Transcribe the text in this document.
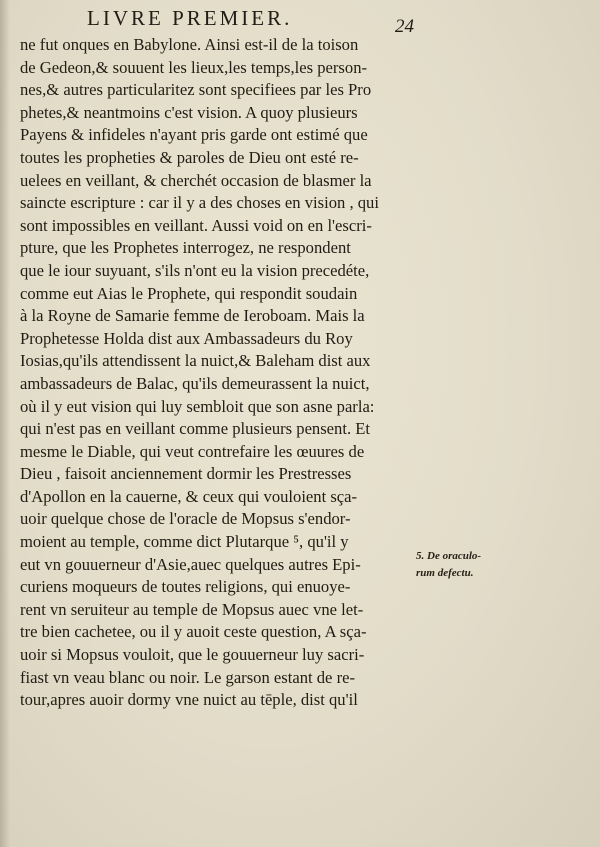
LIVRE PREMIER.	24
ne fut onques en Babylone. Ainsi est-il de la toison
de Gedeon,& souuent les lieux,les temps,les person-
nes,& autres particularitez sont specifiees par les Pro
phetes,& neantmoins c'est vision. A quoy plusieurs
Payens & infideles n'ayant pris garde ont estimé que
toutes les propheties & paroles de Dieu ont esté re-
uelees en veillant, & cherchét occasion de blasmer la
saincte escripture : car il y a des choses en vision , qui
sont impossibles en veillant. Aussi void on en l'escri-
pture, que les Prophetes interrogez, ne respondent
que le iour suyuant, s'ils n'ont eu la vision precedéte,
comme eut Aias le Prophete, qui respondit soudain
à la Royne de Samarie femme de Ieroboam. Mais la
Prophetesse Holda dist aux Ambassadeurs du Roy
Iosias,qu'ils attendissent la nuict,& Baleham dist aux
ambassadeurs de Balac, qu'ils demeurassent la nuict,
où il y eut vision qui luy sembloit que son asne parla:
qui n'est pas en veillant comme plusieurs pensent. Et
mesme le Diable, qui veut contrefaire les œuures de
Dieu , faisoit anciennement dormir les Prestresses
d'Apollon en la cauerne, & ceux qui vouloient sça-
uoir quelque chose de l'oracle de Mopsus s'endor-
moient au temple, comme dict Plutarque ⁵, qu'il y
eut vn gouuerneur d'Asie,auec quelques autres Epi-
curiens moqueurs de toutes religions, qui enuoye-
rent vn seruiteur au temple de Mopsus auec vne let-
tre bien cachetee, ou il y auoit ceste question, A sça-
uoir si Mopsus vouloit, que le gouuerneur luy sacri-
fiast vn veau blanc ou noir. Le garson estant de re-
tour,apres auoir dormy vne nuict au tēple, dist qu'il
5. De oraculo-
rum defectu.
